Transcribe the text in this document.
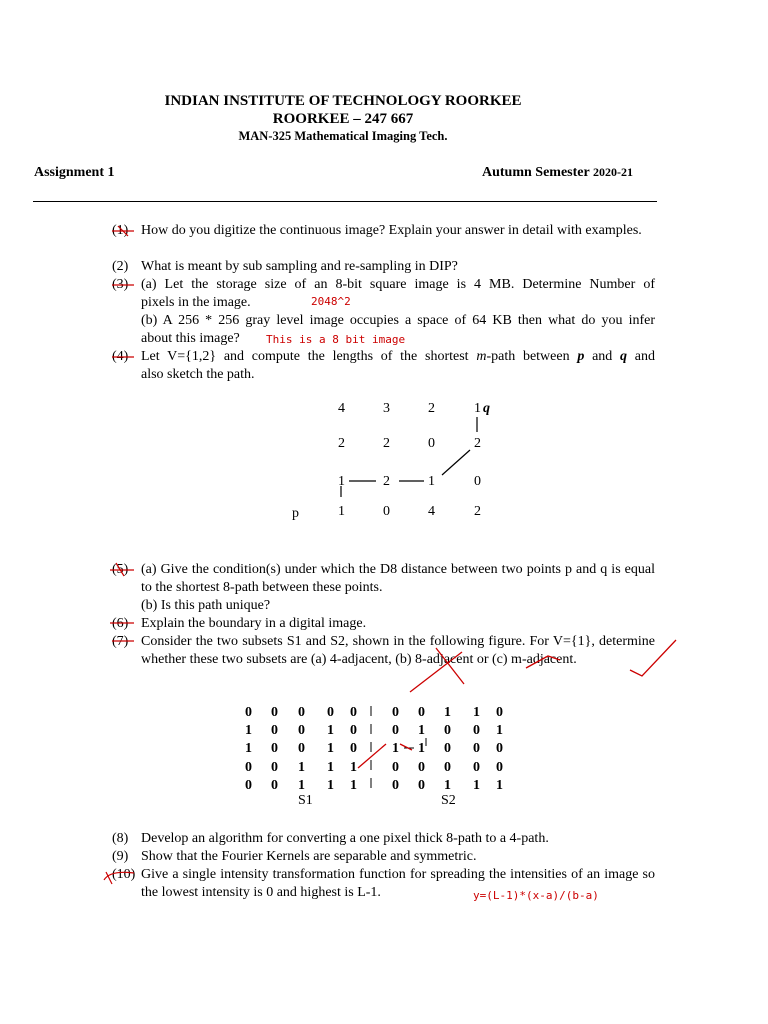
INDIAN INSTITUTE OF TECHNOLOGY ROORKEE
ROORKEE – 247 667
MAN-325 Mathematical Imaging Tech.
Assignment 1	Autumn Semester 2020-21
(1) How do you digitize the continuous image? Explain your answer in detail with examples.
(2) What is meant by sub sampling and re-sampling in DIP?
(3) (a) Let the storage size of an 8-bit square image is 4 MB. Determine Number of
pixels in the image.
(b) A 256 * 256 gray level image occupies a space of 64 KB then what do you infer
about this image?
2048^2
This is a 8 bit image
(4) Let V={1,2} and compute the lengths of the shortest m-path between p and q and
also sketch the path.
4	3	2	1 q
2	2	0	2
1	2	1	0
p	1	0	4	2
(5) (a) Give the condition(s) under which the D8 distance between two points p and q is equal to the shortest 8-path between these points.
(b) Is this path unique?
(6) Explain the boundary in a digital image.
(7) Consider the two subsets S1 and S2, shown in the following figure. For V={1}, determine whether these two subsets are (a) 4-adjacent, (b) 8-adjacent or (c) m-adjacent.
0 0 0 0 0	0 0 1 1 0
1 0 0 1 0	0 1 0 0 1
1 0 0 1 0	1 1 0 0 0
0 0 1 1 1	0 0 0 0 0
0 0 1 1 1	0 0 1 1 1
S1	S2
(8) Develop an algorithm for converting a one pixel thick 8-path to a 4-path.
(9) Show that the Fourier Kernels are separable and symmetric.
(10) Give a single intensity transformation function for spreading the intensities of an image so the lowest intensity is 0 and highest is L-1.	y=(L-1)*(x-a)/(b-a)
